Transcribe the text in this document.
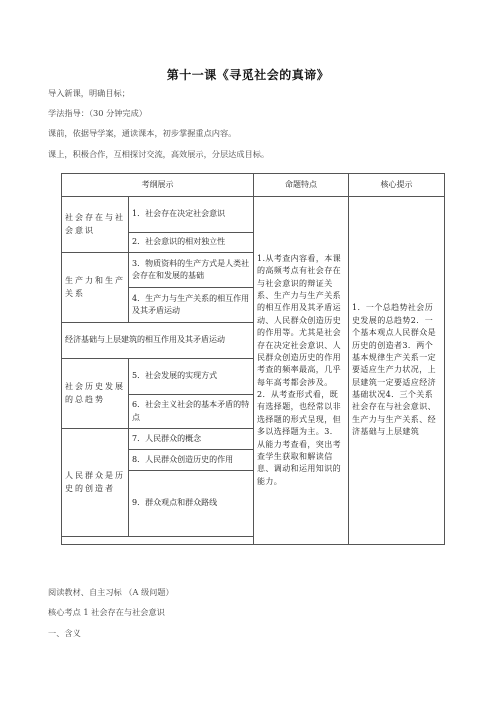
第十一课《寻觅社会的真谛》
导入新课，明确目标；
学法指导：（30 分钟完成）
课前，依据导学案，通读课本，初步掌握重点内容。
课上，积极合作，互相探讨交流，高效展示，分层达成目标。
考纲展示		命题特点	核心提示
社会存在与社会意识	1．社会存在决定社会意识	1.从考查内容看，本课的高频考点有社会存在与社会意识的辩证关系、生产力与生产关系的相互作用及其矛盾运动、人民群众创造历史的作用等。尤其是社会存在决定社会意识、人民群众创造历史的作用考查的频率最高，几乎每年高考都会涉及。2．从考查形式看，既有选择题，也经常以非选择题的形式呈现，但多以选择题为主。3．从能力考查看，突出考查学生获取和解读信息、调动和运用知识的能力。	1．一个总趋势社会历史发展的总趋势2．一个基本观点人民群众是历史的创造者3．两个基本规律生产关系一定要适应生产力状况，上层建筑一定要适应经济基础状况4．三个关系社会存在与社会意识、生产力与生产关系、经济基础与上层建筑
	2．社会意识的相对独立性		
生产力和生产关系	3．物质资料的生产方式是人类社会存在和发展的基础		
	4．生产力与生产关系的相互作用及其矛盾运动		
经济基础与上层建筑的相互作用及其矛盾运动			
社会历史发展的总趋势	5．社会发展的实现方式		
	6．社会主义社会的基本矛盾的特点		
人民群众是历史的创造者	7．人民群众的概念		
	8．人民群众创造历史的作用		
	9．群众观点和群众路线		

阅读教材、自主习标 （A 级问题）
核心考点 1 社会存在与社会意识
一、含义
